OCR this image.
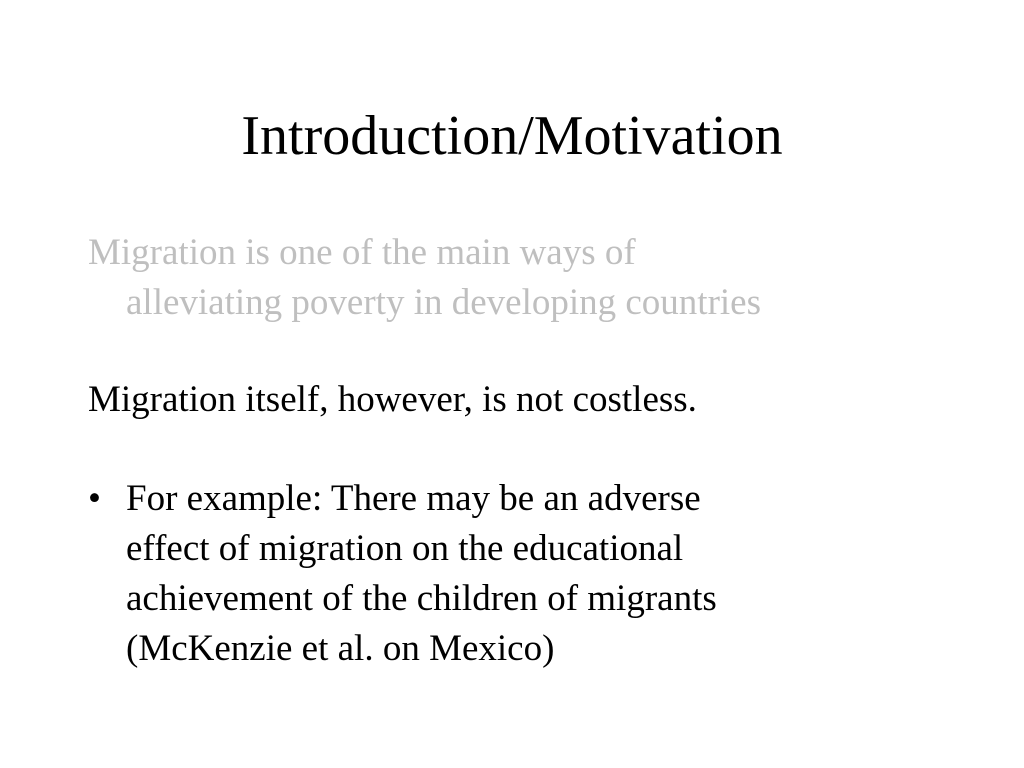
Introduction/Motivation

Migration is one of the main ways of
alleviating poverty in developing countries

Migration itself, however, is not costless.

• For example: There may be an adverse
effect of migration on the educational
achievement of the children of migrants
(McKenzie et al. on Mexico)
